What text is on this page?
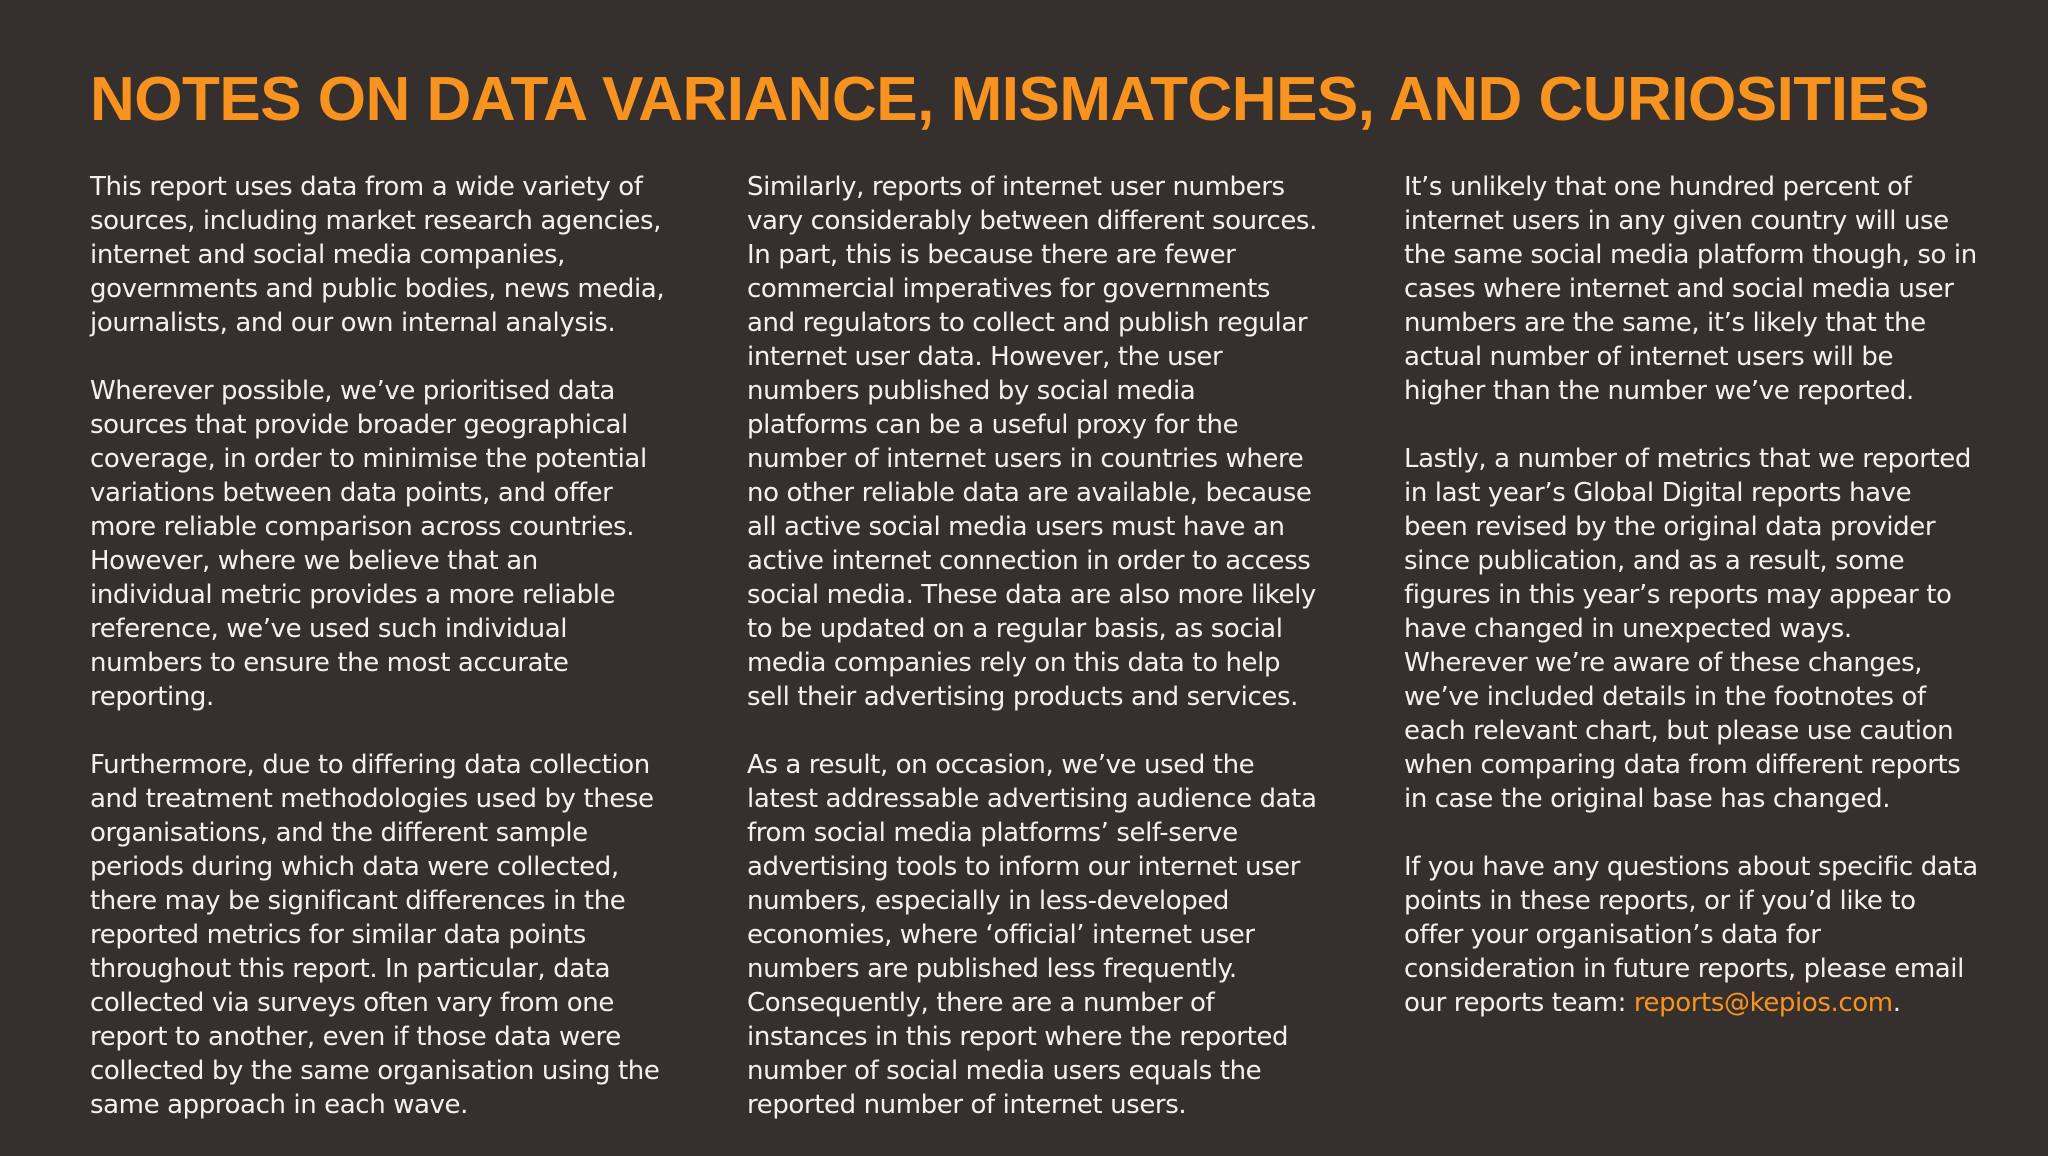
NOTES ON DATA VARIANCE, MISMATCHES, AND CURIOSITIES

This report uses data from a wide variety of sources, including market research agencies, internet and social media companies, governments and public bodies, news media, journalists, and our own internal analysis.

Wherever possible, we’ve prioritised data sources that provide broader geographical coverage, in order to minimise the potential variations between data points, and offer more reliable comparison across countries. However, where we believe that an individual metric provides a more reliable reference, we’ve used such individual numbers to ensure the most accurate reporting.

Furthermore, due to differing data collection and treatment methodologies used by these organisations, and the different sample periods during which data were collected, there may be significant differences in the reported metrics for similar data points throughout this report. In particular, data collected via surveys often vary from one report to another, even if those data were collected by the same organisation using the same approach in each wave.

Similarly, reports of internet user numbers vary considerably between different sources. In part, this is because there are fewer commercial imperatives for governments and regulators to collect and publish regular internet user data. However, the user numbers published by social media platforms can be a useful proxy for the number of internet users in countries where no other reliable data are available, because all active social media users must have an active internet connection in order to access social media. These data are also more likely to be updated on a regular basis, as social media companies rely on this data to help sell their advertising products and services.

As a result, on occasion, we’ve used the latest addressable advertising audience data from social media platforms’ self-serve advertising tools to inform our internet user numbers, especially in less-developed economies, where ‘official’ internet user numbers are published less frequently. Consequently, there are a number of instances in this report where the reported number of social media users equals the reported number of internet users.

It’s unlikely that one hundred percent of internet users in any given country will use the same social media platform though, so in cases where internet and social media user numbers are the same, it’s likely that the actual number of internet users will be higher than the number we’ve reported.

Lastly, a number of metrics that we reported in last year’s Global Digital reports have been revised by the original data provider since publication, and as a result, some figures in this year’s reports may appear to have changed in unexpected ways. Wherever we’re aware of these changes, we’ve included details in the footnotes of each relevant chart, but please use caution when comparing data from different reports in case the original base has changed.

If you have any questions about specific data points in these reports, or if you’d like to offer your organisation’s data for consideration in future reports, please email our reports team: reports@kepios.com.
